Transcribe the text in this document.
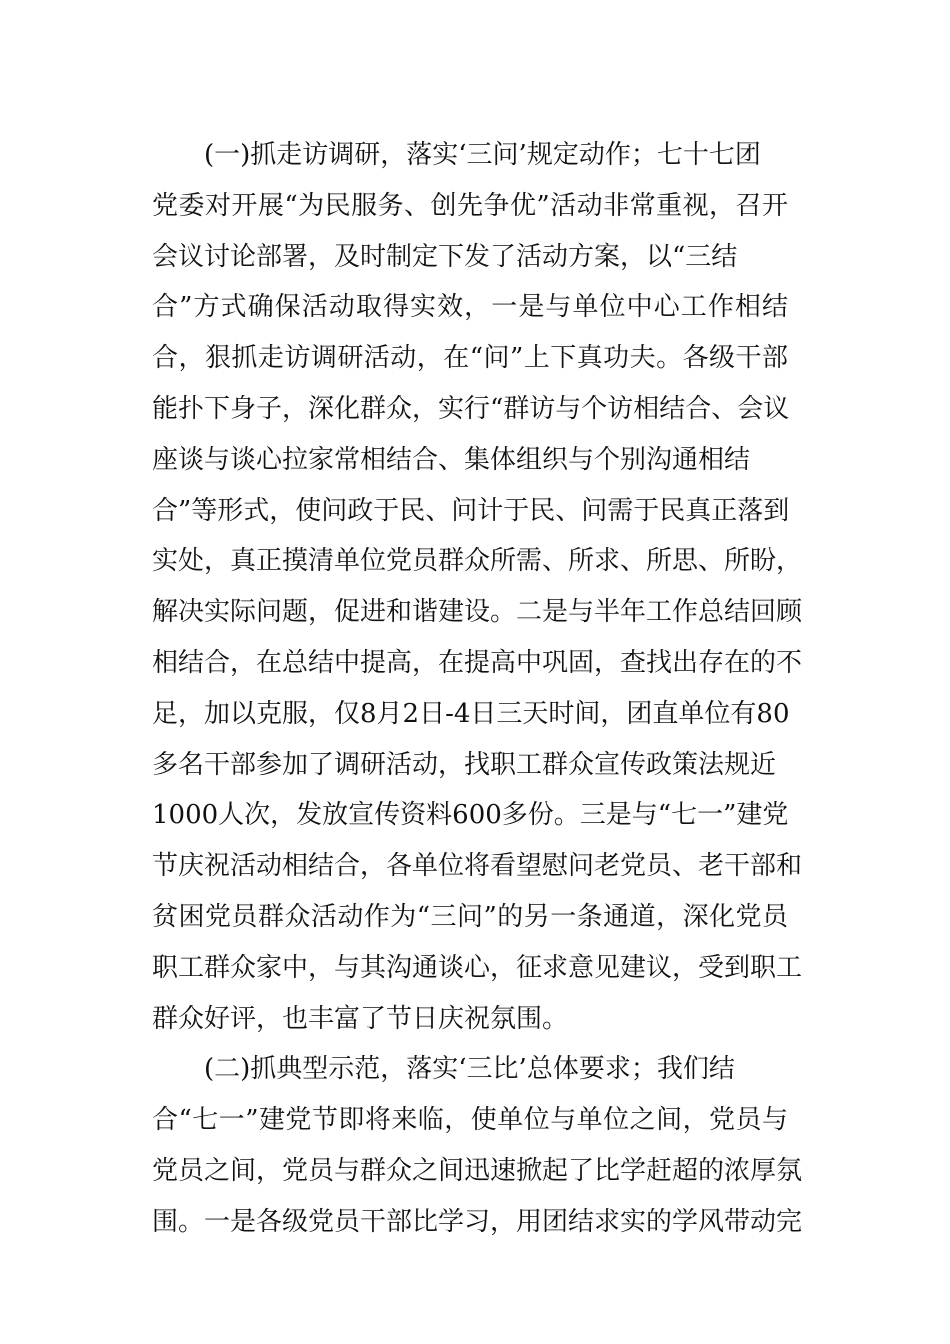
(一)抓走访调研，落实‘三问’规定动作；七十七团
党委对开展“为民服务、创先争优”活动非常重视，召开
会议讨论部署，及时制定下发了活动方案，以“三结
合”方式确保活动取得实效，一是与单位中心工作相结
合，狠抓走访调研活动，在“问”上下真功夫。各级干部
能扑下身子，深化群众，实行“群访与个访相结合、会议
座谈与谈心拉家常相结合、集体组织与个别沟通相结
合”等形式，使问政于民、问计于民、问需于民真正落到
实处，真正摸清单位党员群众所需、所求、所思、所盼，
解决实际问题，促进和谐建设。二是与半年工作总结回顾
相结合，在总结中提高，在提高中巩固，查找出存在的不
足，加以克服，仅8月2日-4日三天时间，团直单位有80
多名干部参加了调研活动，找职工群众宣传政策法规近
1000人次，发放宣传资料600多份。三是与“七一”建党
节庆祝活动相结合，各单位将看望慰问老党员、老干部和
贫困党员群众活动作为“三问”的另一条通道，深化党员
职工群众家中，与其沟通谈心，征求意见建议，受到职工
群众好评，也丰富了节日庆祝氛围。
(二)抓典型示范，落实‘三比’总体要求；我们结
合“七一”建党节即将来临，使单位与单位之间，党员与
党员之间，党员与群众之间迅速掀起了比学赶超的浓厚氛
围。一是各级党员干部比学习，用团结求实的学风带动完
